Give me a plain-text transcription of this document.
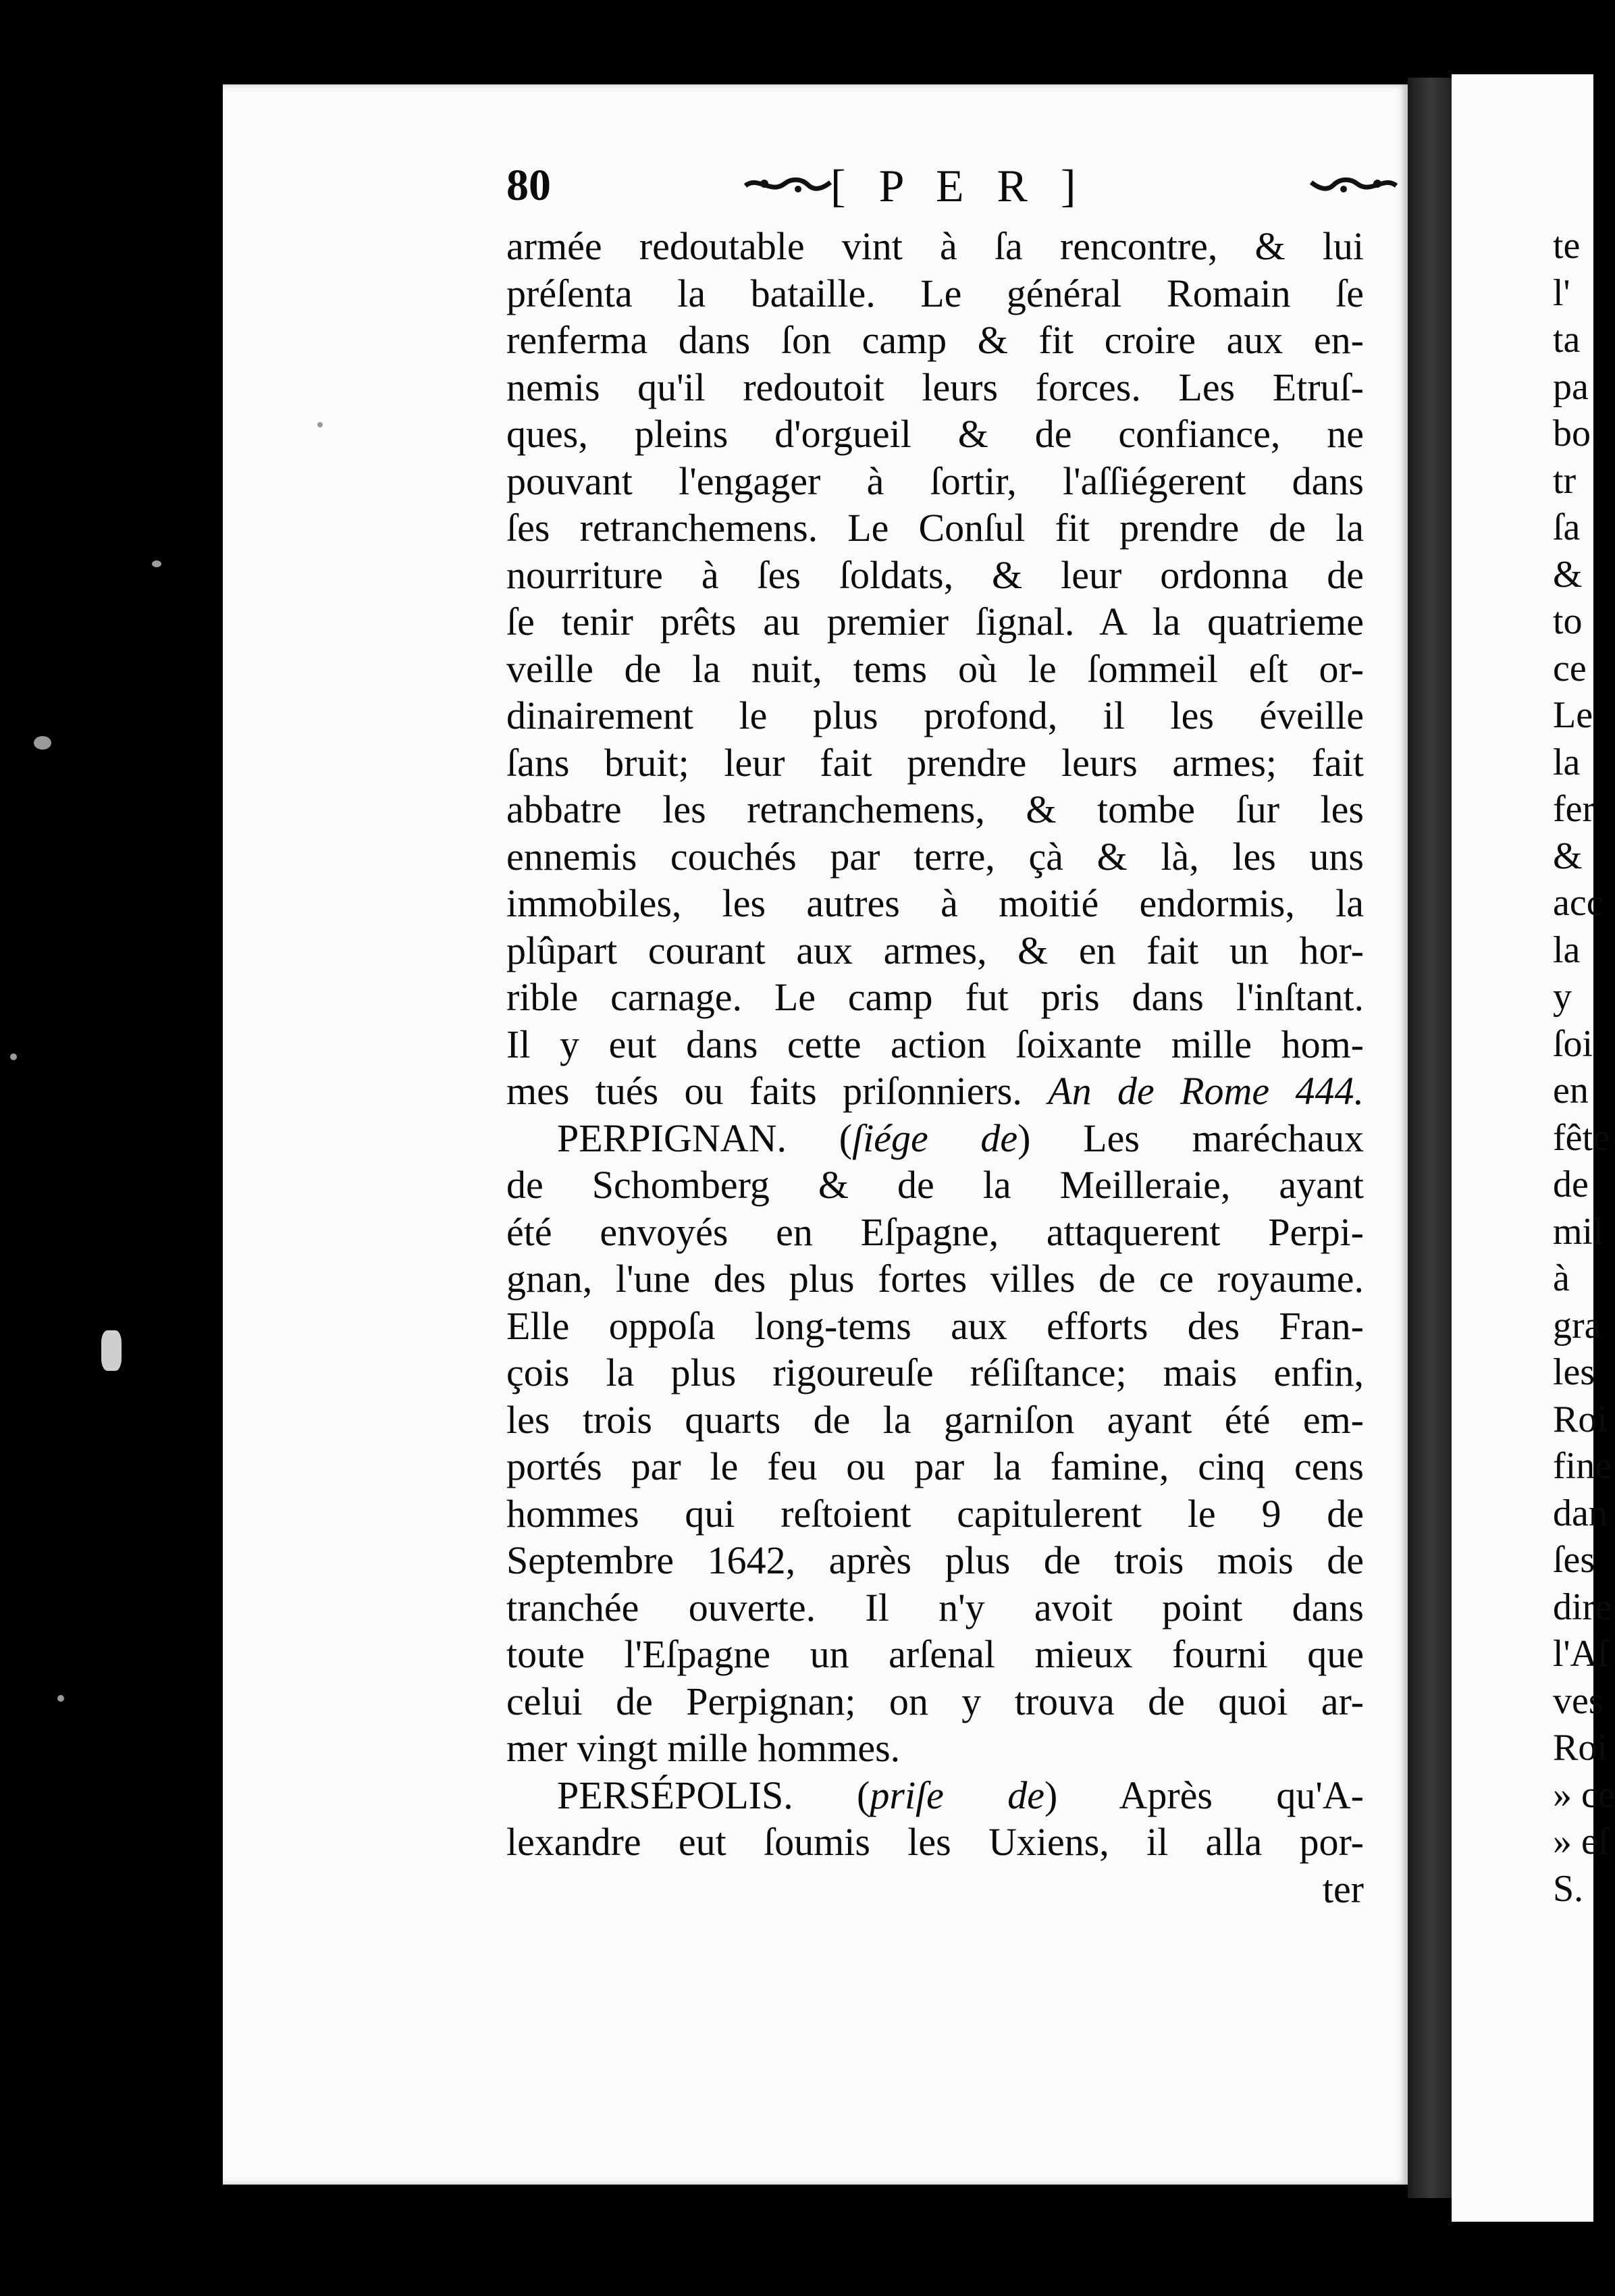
80	[ P E R ]
armée redoutable vint à ſa rencontre, & lui
préſenta la bataille. Le général Romain ſe
renferma dans ſon camp & fit croire aux en-
nemis qu'il redoutoit leurs forces. Les Etruſ-
ques, pleins d'orgueil & de confiance, ne
pouvant l'engager à ſortir, l'aſſiégerent dans
ſes retranchemens. Le Conſul fit prendre de la
nourriture à ſes ſoldats, & leur ordonna de
ſe tenir prêts au premier ſignal. A la quatrieme
veille de la nuit, tems où le ſommeil eſt or-
dinairement le plus profond, il les éveille
ſans bruit; leur fait prendre leurs armes; fait
abbatre les retranchemens, & tombe ſur les
ennemis couchés par terre, çà & là, les uns
immobiles, les autres à moitié endormis, la
plûpart courant aux armes, & en fait un hor-
rible carnage. Le camp fut pris dans l'inſtant.
Il y eut dans cette action ſoixante mille hom-
mes tués ou faits priſonniers. An de Rome 444.
PERPIGNAN. (ſiége de) Les maréchaux
de Schomberg & de la Meilleraie, ayant
été envoyés en Eſpagne, attaquerent Perpi-
gnan, l'une des plus fortes villes de ce royaume.
Elle oppoſa long-tems aux efforts des Fran-
çois la plus rigoureuſe réſiſtance; mais enfin,
les trois quarts de la garniſon ayant été em-
portés par le feu ou par la famine, cinq cens
hommes qui reſtoient capitulerent le 9 de
Septembre 1642, après plus de trois mois de
tranchée ouverte. Il n'y avoit point dans
toute l'Eſpagne un arſenal mieux fourni que
celui de Perpignan; on y trouva de quoi ar-
mer vingt mille hommes.
PERSÉPOLIS. (priſe de) Après qu'A-
lexandre eut ſoumis les Uxiens, il alla por-
ter
te
l'
ta
pa
bo
tr
ſa
&
to
ce
Le
la
fer
&
acc
la
y
ſoi
en
fête
de
mil
à
gra
les
Roi
fine
dan
ſes
dire
l'Aſ
ves
Roi
» ce
» eſ
S.
